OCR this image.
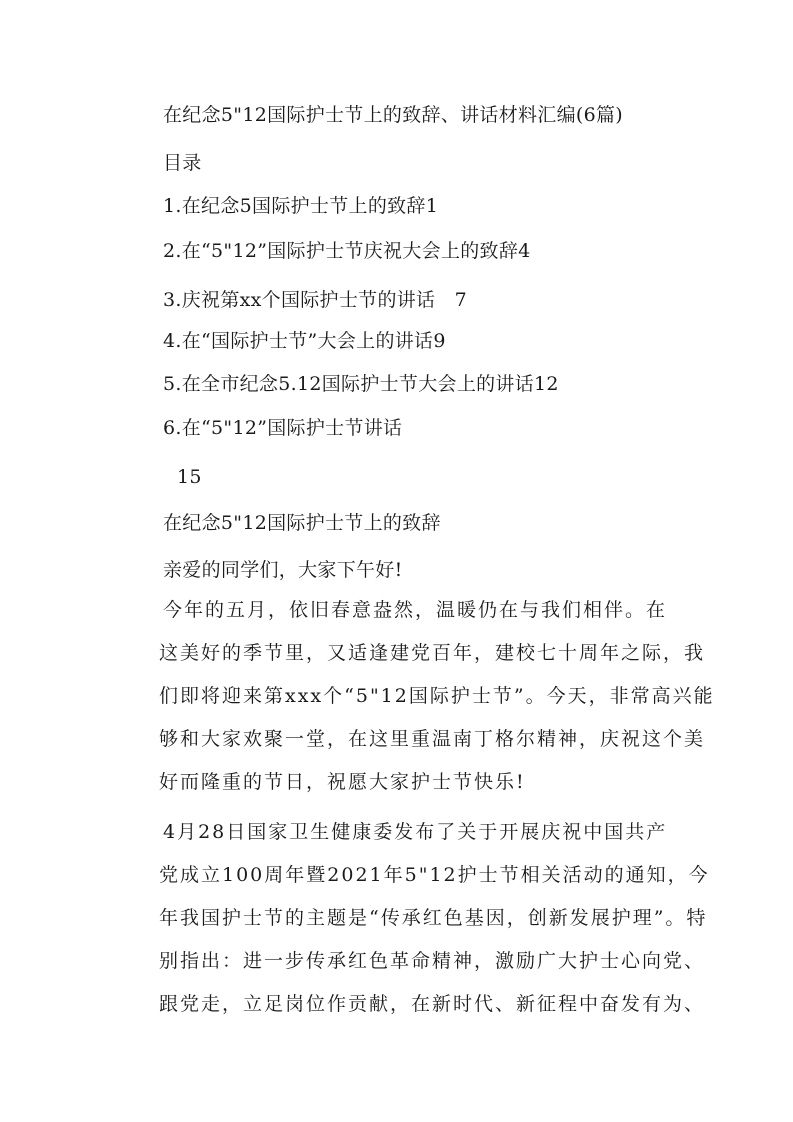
在纪念5"12国际护士节上的致辞、讲话材料汇编(6篇)
目录
1.在纪念5国际护士节上的致辞1
2.在“5"12”国际护士节庆祝大会上的致辞4
3.庆祝第xx个国际护士节的讲话　7
4.在“国际护士节”大会上的讲话9
5.在全市纪念5.12国际护士节大会上的讲话12
6.在“5"12”国际护士节讲话
15
在纪念5"12国际护士节上的致辞
亲爱的同学们，大家下午好!
今年的五月，依旧春意盎然，温暖仍在与我们相伴。在
这美好的季节里，又适逢建党百年，建校七十周年之际，我
们即将迎来第xxx个“5"12国际护士节”。今天，非常高兴能
够和大家欢聚一堂，在这里重温南丁格尔精神，庆祝这个美
好而隆重的节日，祝愿大家护士节快乐!
4月28日国家卫生健康委发布了关于开展庆祝中国共产
党成立100周年暨2021年5"12护士节相关活动的通知，今
年我国护士节的主题是“传承红色基因，创新发展护理”。特
别指出：进一步传承红色革命精神，激励广大护士心向党、
跟党走，立足岗位作贡献，在新时代、新征程中奋发有为、
